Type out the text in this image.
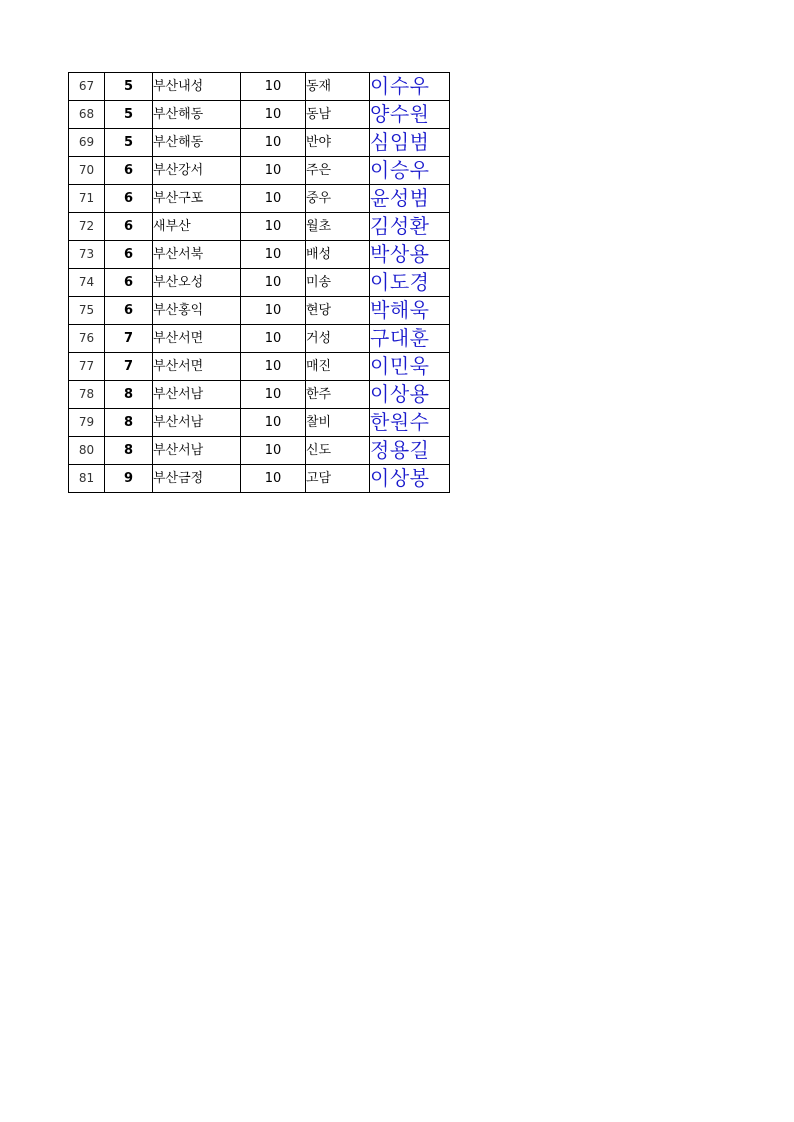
67	5	부산내성	10	동재	이수우
68	5	부산해동	10	동남	양수원
69	5	부산해동	10	반야	심임범
70	6	부산강서	10	주은	이승우
71	6	부산구포	10	중우	윤성범
72	6	새부산	10	월초	김성환
73	6	부산서북	10	배성	박상용
74	6	부산오성	10	미송	이도경
75	6	부산홍익	10	현당	박해욱
76	7	부산서면	10	거성	구대훈
77	7	부산서면	10	매진	이민욱
78	8	부산서남	10	한주	이상용
79	8	부산서남	10	찰비	한원수
80	8	부산서남	10	신도	정용길
81	9	부산금정	10	고담	이상봉
